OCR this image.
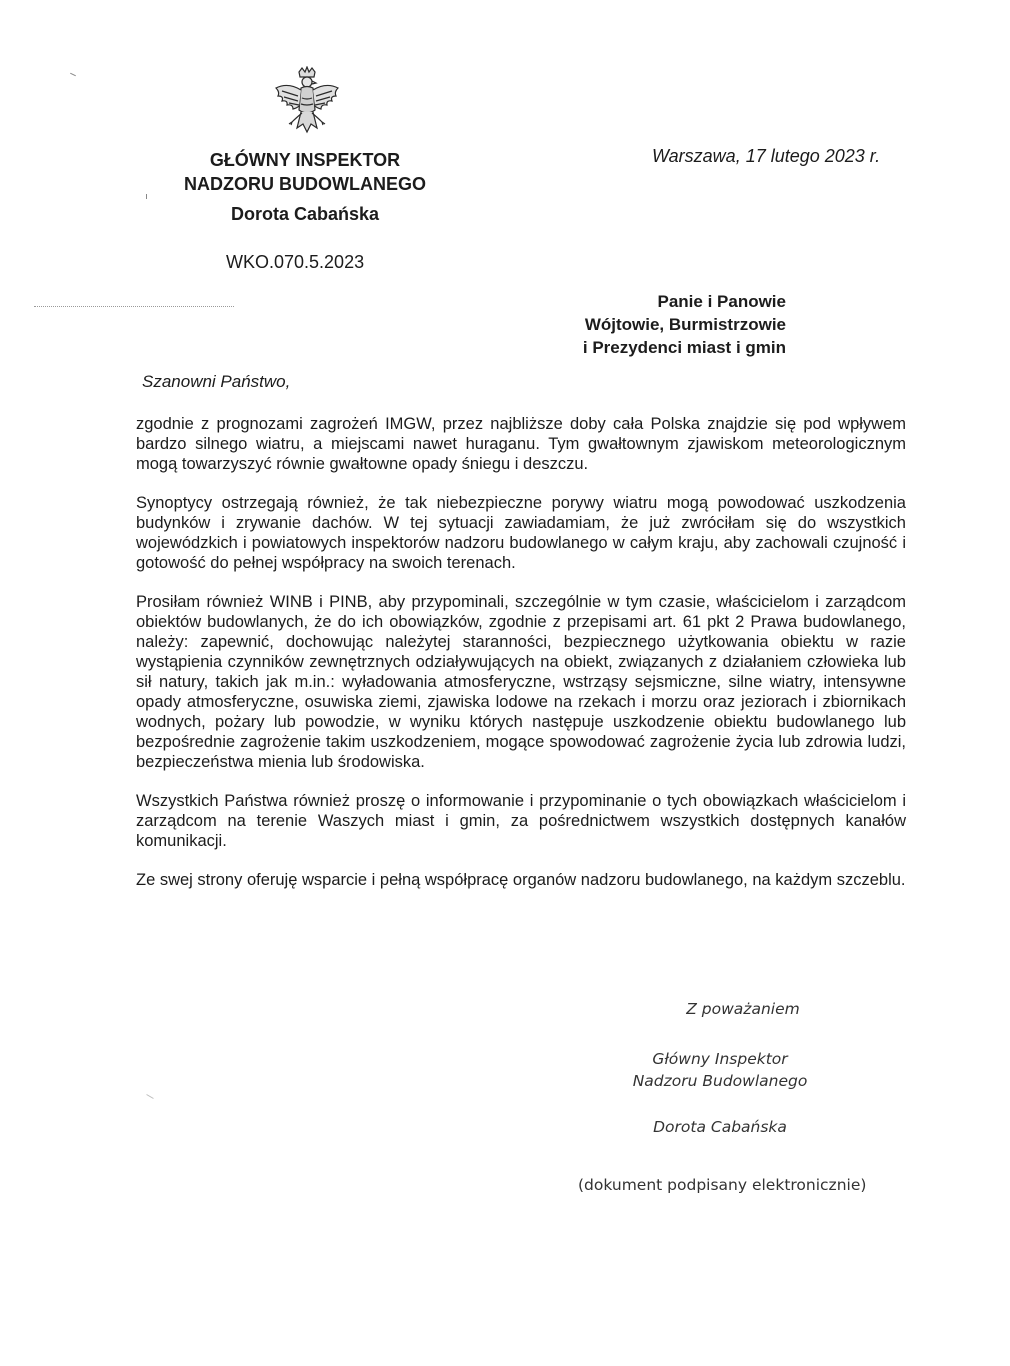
GŁÓWNY INSPEKTOR
NADZORU BUDOWLANEGO
Dorota Cabańska
WKO.070.5.2023
Warszawa, 17 lutego 2023 r.
Panie i Panowie
Wójtowie, Burmistrzowie
i Prezydenci miast i gmin
Szanowni Państwo,

zgodnie z prognozami zagrożeń IMGW, przez najbliższe doby cała Polska znajdzie się pod wpływem bardzo silnego wiatru, a miejscami nawet huraganu. Tym gwałtownym zjawiskom meteorologicznym mogą towarzyszyć równie gwałtowne opady śniegu i deszczu.

Synoptycy ostrzegają również, że tak niebezpieczne porywy wiatru mogą powodować uszkodzenia budynków i zrywanie dachów. W tej sytuacji zawiadamiam, że już zwróciłam się do wszystkich wojewódzkich i powiatowych inspektorów nadzoru budowlanego w całym kraju, aby zachowali czujność i gotowość do pełnej współpracy na swoich terenach.

Prosiłam również WINB i PINB, aby przypominali, szczególnie w tym czasie, właścicielom i zarządcom obiektów budowlanych, że do ich obowiązków, zgodnie z przepisami art. 61 pkt 2 Prawa budowlanego, należy: zapewnić, dochowując należytej staranności, bezpiecznego użytkowania obiektu w razie wystąpienia czynników zewnętrznych odziaływujących na obiekt, związanych z działaniem człowieka lub sił natury, takich jak m.in.: wyładowania atmosferyczne, wstrząsy sejsmiczne, silne wiatry, intensywne opady atmosferyczne, osuwiska ziemi, zjawiska lodowe na rzekach i morzu oraz jeziorach i zbiornikach wodnych, pożary lub powodzie, w wyniku których następuje uszkodzenie obiektu budowlanego lub bezpośrednie zagrożenie takim uszkodzeniem, mogące spowodować zagrożenie życia lub zdrowia ludzi, bezpieczeństwa mienia lub środowiska.

Wszystkich Państwa również proszę o informowanie i przypominanie o tych obowiązkach właścicielom i zarządcom na terenie Waszych miast i gmin, za pośrednictwem wszystkich dostępnych kanałów komunikacji.

Ze swej strony oferuję wsparcie i pełną współpracę organów nadzoru budowlanego, na każdym szczeblu.

Z poważaniem
Główny Inspektor
Nadzoru Budowlanego
Dorota Cabańska
(dokument podpisany elektronicznie)
